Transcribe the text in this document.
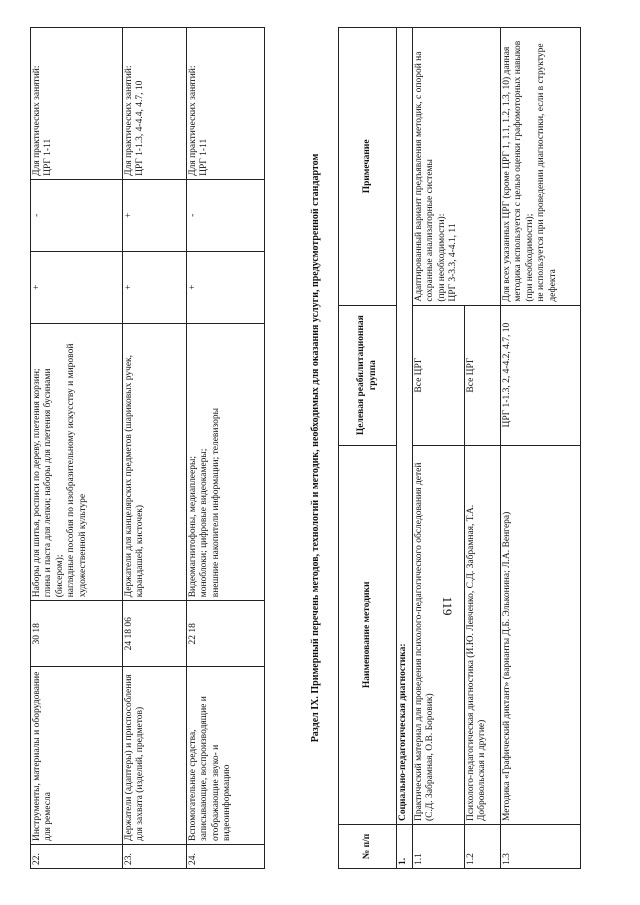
22.	Инструменты, материалы и оборудование для ремесла	30 18	Наборы для шитья, росписи по дереву, плетения корзин;
глина и паста для лепки; наборы для плетения бусинами (бисером);
наглядные пособия по изобразительному искусству и мировой художественной культуре	+	-	Для практических занятий:
ЦРГ 1-11
23.	Держатели (адаптеры) и приспособления для захвата (изделий, предметов)	24 18 06	Держатели для канцелярских предметов (шариковых ручек, карандашей, кисточек)	+	+	Для практических занятий:
ЦРГ 1-1.3, 4-4.4, 4.7, 10
24.	Вспомогательные средства, записывающие, воспроизводящие и отображающие звуко- и видеоинформацию	22 18	Видеомагнитофоны, медиаплееры;
моноблоки; цифровые видеокамеры;
внешние накопители информации; телевизоры	+	-	Для практических занятий:
ЦРГ 1-11
Раздел IX. Примерный перечень методов, технологий и методик, необходимых для оказания услуги, предусмотренной стандартом
№ п/п	Наименование методики	Целевая реабилитационная группа	Примечание
1.	Социально-педагогическая диагностика:		
1.1	Практический материал для проведения психолого-педагогического обследования детей (С.Д. Забрамная, О.В. Боровик)	Все ЦРГ	Адаптированный вариант предъявления методик, с опорой на сохранные анализаторные системы
(при необходимости):
ЦРГ 3-3.3, 4-4.1, 11
1.2	Психолого-педагогическая диагностика (И.Ю. Левченко, С.Д. Забрамная, Т.А. Добровольская и другие)	Все ЦРГ	
1.3	Методика «Графический диктант» (варианты Д.Б. Эльконина; Л.А. Венгера)	ЦРГ 1-1.3, 2, 4-4.2, 4.7, 10	Для всех указанных ЦРГ (кроме ЦРГ 1, 1.1, 1.2, 1.3, 10) данная методика используется с целью оценки графомоторных навыков (при необходимости);
не используется при проведении диагностики, если в структуре дефекта
119
